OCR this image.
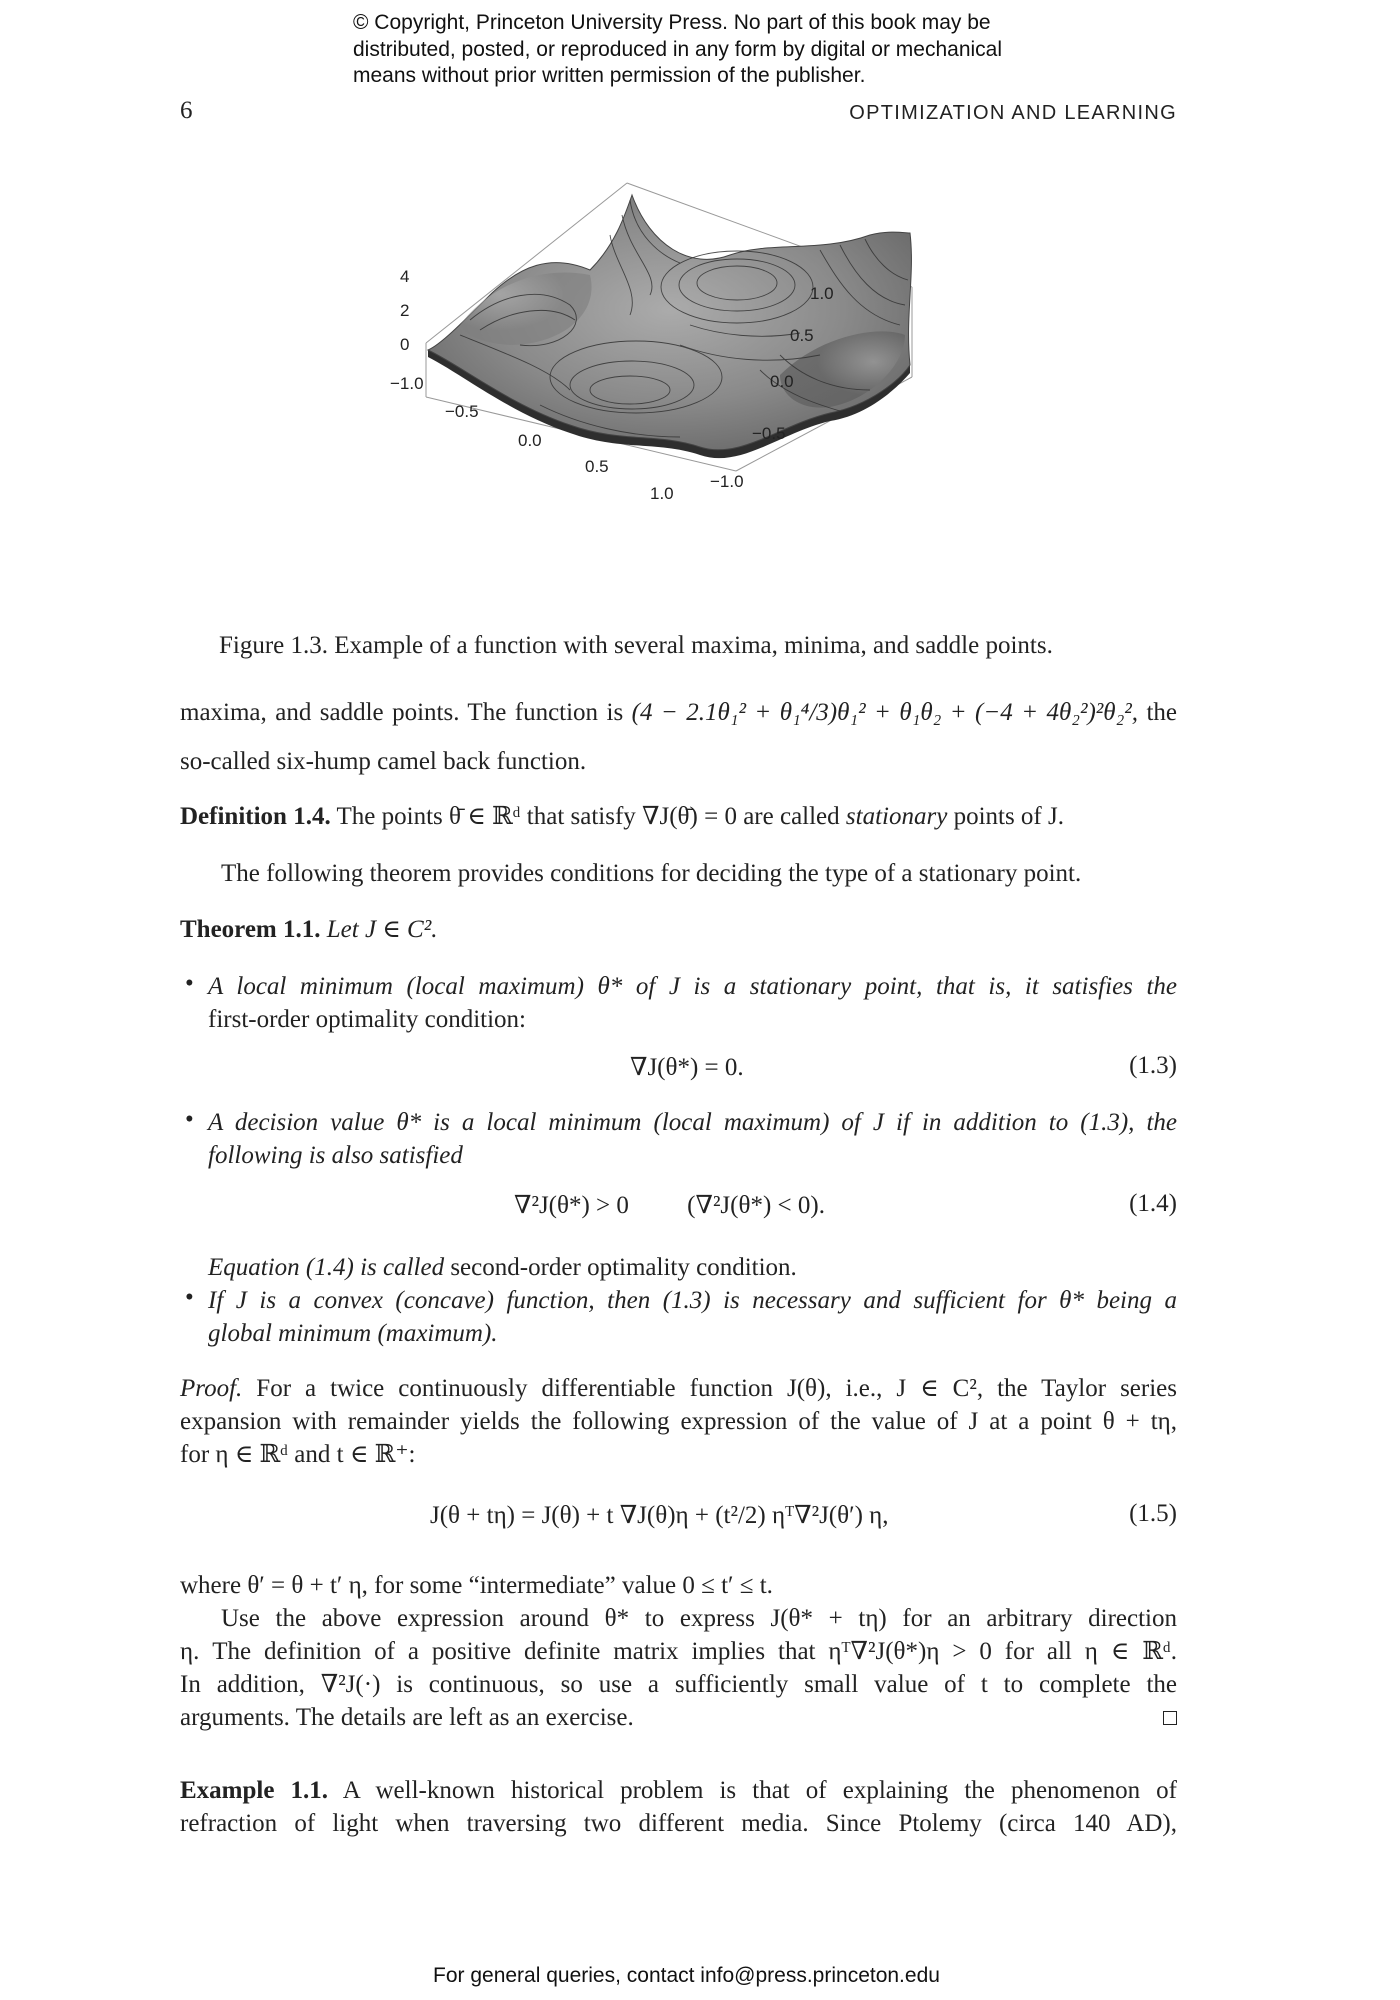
© Copyright, Princeton University Press. No part of this book may be
distributed, posted, or reproduced in any form by digital or mechanical
means without prior written permission of the publisher.
6	OPTIMIZATION AND LEARNING
4
2
0
−1.0
−0.5
0.0
0.5
1.0
−1.0
−0.5
0.0
0.5
1.0
Figure 1.3. Example of a function with several maxima, minima, and saddle points.
maxima, and saddle points. The function is (4 − 2.1θ₁² + θ₁⁴/3)θ₁² + θ₁θ₂ + (−4 + 4θ₂²)²θ₂², the
so-called six-hump camel back function.
Definition 1.4. The points θ̄ ∈ ℝᵈ that satisfy ∇J(θ̄) = 0 are called stationary points of J.
The following theorem provides conditions for deciding the type of a stationary point.
Theorem 1.1. Let J ∈ C².
• A local minimum (local maximum) θ* of J is a stationary point, that is, it satisfies the
first-order optimality condition:
∇J(θ*) = 0.	(1.3)
• A decision value θ* is a local minimum (local maximum) of J if in addition to (1.3), the
following is also satisfied
∇²J(θ*) > 0 (∇²J(θ*) < 0).	(1.4)
Equation (1.4) is called second-order optimality condition.
• If J is a convex (concave) function, then (1.3) is necessary and sufficient for θ* being a
global minimum (maximum).
Proof. For a twice continuously differentiable function J(θ), i.e., J ∈ C², the Taylor series
expansion with remainder yields the following expression of the value of J at a point θ + tη,
for η ∈ ℝᵈ and t ∈ ℝ⁺:
J(θ + tη) = J(θ) + t ∇J(θ)η + (t²/2) ηᵀ∇²J(θ′) η,	(1.5)
where θ′ = θ + t′ η, for some “intermediate” value 0 ≤ t′ ≤ t.
Use the above expression around θ* to express J(θ* + tη) for an arbitrary direction
η. The definition of a positive definite matrix implies that ηᵀ∇²J(θ*)η > 0 for all η ∈ ℝᵈ.
In addition, ∇²J(·) is continuous, so use a sufficiently small value of t to complete the
arguments. The details are left as an exercise.
Example 1.1. A well-known historical problem is that of explaining the phenomenon of
refraction of light when traversing two different media. Since Ptolemy (circa 140 AD),
For general queries, contact info@press.princeton.edu
